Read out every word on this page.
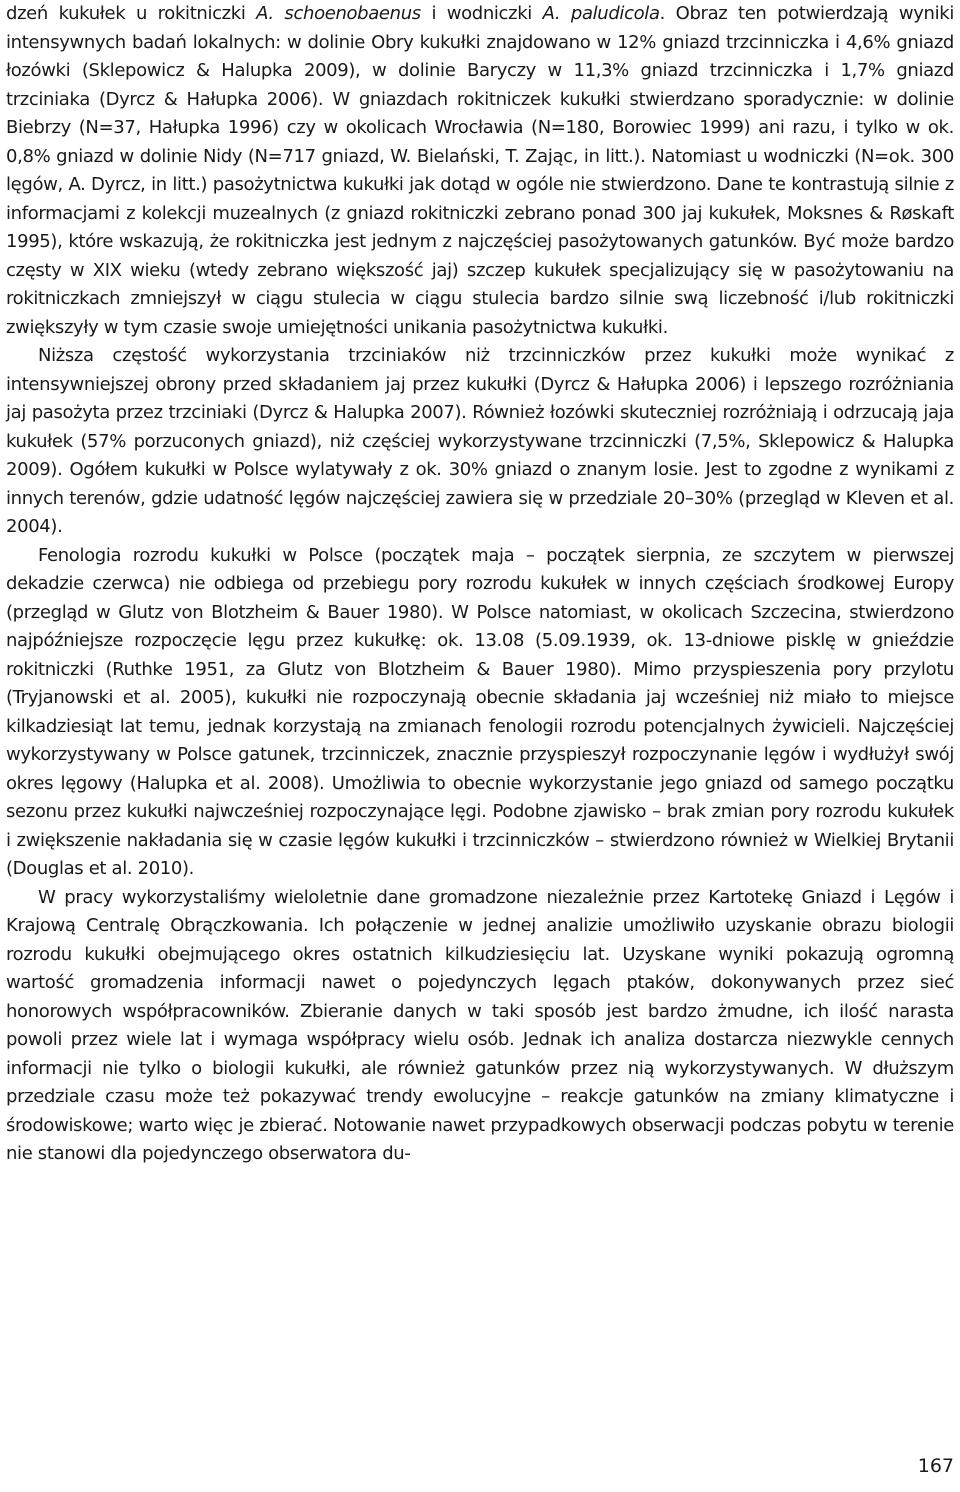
dzeń kukułek u rokitniczki A. schoenobaenus i wodniczki A. paludicola. Obraz ten potwierdzają wyniki intensywnych badań lokalnych: w dolinie Obry kukułki znajdowano w 12% gniazd trzcinniczka i 4,6% gniazd łozówki (Sklepowicz & Halupka 2009), w dolinie Baryczy w 11,3% gniazd trzcinniczka i 1,7% gniazd trzciniaka (Dyrcz & Hałupka 2006). W gniazdach rokitniczek kukułki stwierdzano sporadycznie: w dolinie Biebrzy (N=37, Hałupka 1996) czy w okolicach Wrocławia (N=180, Borowiec 1999) ani razu, i tylko w ok. 0,8% gniazd w dolinie Nidy (N=717 gniazd, W. Bielański, T. Zając, in litt.). Natomiast u wodniczki (N=ok. 300 lęgów, A. Dyrcz, in litt.) pasożytnictwa kukułki jak dotąd w ogóle nie stwierdzono. Dane te kontrastują silnie z informacjami z kolekcji muzealnych (z gniazd rokitniczki zebrano ponad 300 jaj kukułek, Moksnes & Røskaft 1995), które wskazują, że rokitniczka jest jednym z najczęściej pasożytowanych gatunków. Być może bardzo częsty w XIX wieku (wtedy zebrano większość jaj) szczep kukułek specjalizujący się w pasożytowaniu na rokitniczkach zmniejszył w ciągu stulecia w ciągu stulecia bardzo silnie swą liczebność i/lub rokitniczki zwiększyły w tym czasie swoje umiejętności unikania pasożytnictwa kukułki.

Niższa częstość wykorzystania trzciniaków niż trzcinniczków przez kukułki może wynikać z intensywniejszej obrony przed składaniem jaj przez kukułki (Dyrcz & Hałupka 2006) i lepszego rozróżniania jaj pasożyta przez trzciniaki (Dyrcz & Halupka 2007). Również łozówki skuteczniej rozróżniają i odrzucają jaja kukułek (57% porzuconych gniazd), niż częściej wykorzystywane trzcinniczki (7,5%, Sklepowicz & Halupka 2009). Ogółem kukułki w Polsce wylatywały z ok. 30% gniazd o znanym losie. Jest to zgodne z wynikami z innych terenów, gdzie udatność lęgów najczęściej zawiera się w przedziale 20–30% (przegląd w Kleven et al. 2004).

Fenologia rozrodu kukułki w Polsce (początek maja – początek sierpnia, ze szczytem w pierwszej dekadzie czerwca) nie odbiega od przebiegu pory rozrodu kukułek w innych częściach środkowej Europy (przegląd w Glutz von Blotzheim & Bauer 1980). W Polsce natomiast, w okolicach Szczecina, stwierdzono najpóźniejsze rozpoczęcie lęgu przez kukułkę: ok. 13.08 (5.09.1939, ok. 13-dniowe pisklę w gnieździe rokitniczki (Ruthke 1951, za Glutz von Blotzheim & Bauer 1980). Mimo przyspieszenia pory przylotu (Tryjanowski et al. 2005), kukułki nie rozpoczynają obecnie składania jaj wcześniej niż miało to miejsce kilkadziesiąt lat temu, jednak korzystają na zmianach fenologii rozrodu potencjalnych żywicieli. Najczęściej wykorzystywany w Polsce gatunek, trzcinniczek, znacznie przyspieszył rozpoczynanie lęgów i wydłużył swój okres lęgowy (Halupka et al. 2008). Umożliwia to obecnie wykorzystanie jego gniazd od samego początku sezonu przez kukułki najwcześniej rozpoczynające lęgi. Podobne zjawisko – brak zmian pory rozrodu kukułek i zwiększenie nakładania się w czasie lęgów kukułki i trzcinniczków – stwierdzono również w Wielkiej Brytanii (Douglas et al. 2010).

W pracy wykorzystaliśmy wieloletnie dane gromadzone niezależnie przez Kartotekę Gniazd i Lęgów i Krajową Centralę Obrączkowania. Ich połączenie w jednej analizie umożliwiło uzyskanie obrazu biologii rozrodu kukułki obejmującego okres ostatnich kilkudziesięciu lat. Uzyskane wyniki pokazują ogromną wartość gromadzenia informacji nawet o pojedynczych lęgach ptaków, dokonywanych przez sieć honorowych współpracowników. Zbieranie danych w taki sposób jest bardzo żmudne, ich ilość narasta powoli przez wiele lat i wymaga współpracy wielu osób. Jednak ich analiza dostarcza niezwykle cennych informacji nie tylko o biologii kukułki, ale również gatunków przez nią wykorzystywanych. W dłuższym przedziale czasu może też pokazywać trendy ewolucyjne – reakcje gatunków na zmiany klimatyczne i środowiskowe; warto więc je zbierać. Notowanie nawet przypadkowych obserwacji podczas pobytu w terenie nie stanowi dla pojedynczego obserwatora du-

167
